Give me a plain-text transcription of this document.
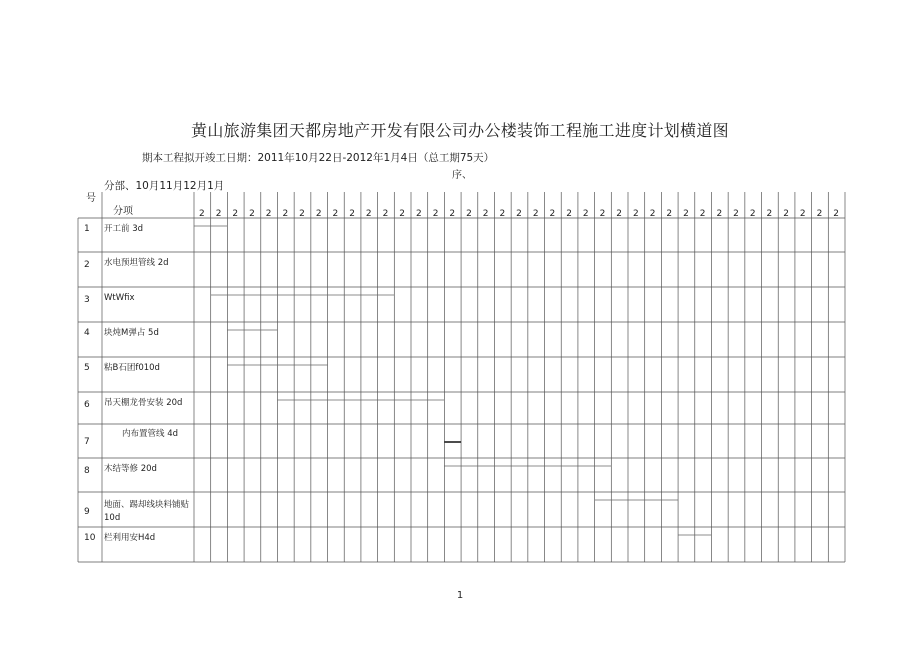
黄山旅游集团天都房地产开发有限公司办公楼装饰工程施工进度计划横道图
期本工程拟开竣工日期：2011年10月22日-2012年1月4日（总工期75天）
序、
分部、10月11月12月1月
号
分项	2 2 2 2 2 2 2 2 2 2 2 2 2 2 2 2 2 2 2 2 2 2 2 2 2 2 2 2 2 2 2 2 2 2 2 2 2 2 2
1 开工前 3d
2 水电预坦管线 2d
3 WtWfix
4 块炖M弹占 5d
5 粘B石团f010d
6 吊天棚龙骨安装 20d
7
内布置管线 4d
8 木结等修 20d
9
地面、踢却线块料铺贴
10d
10 栏利用安H4d
1
